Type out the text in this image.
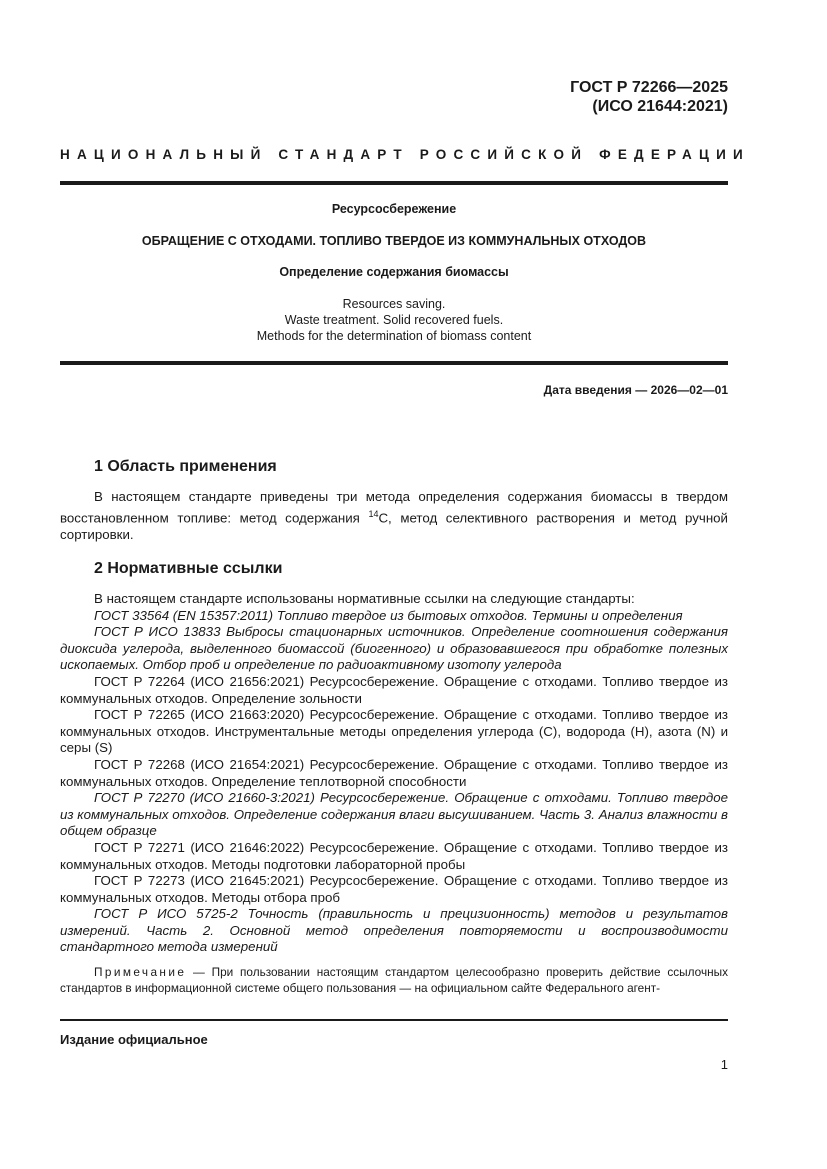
ГОСТ Р 72266—2025
(ИСО 21644:2021)
НАЦИОНАЛЬНЫЙ СТАНДАРТ РОССИЙСКОЙ ФЕДЕРАЦИИ
Ресурсосбережение
ОБРАЩЕНИЕ С ОТХОДАМИ. ТОПЛИВО ТВЕРДОЕ ИЗ КОММУНАЛЬНЫХ ОТХОДОВ
Определение содержания биомассы
Resources saving.
Waste treatment. Solid recovered fuels.
Methods for the determination of biomass content
Дата введения — 2026—02—01
1 Область применения

В настоящем стандарте приведены три метода определения содержания биомассы в твердом восстановленном топливе: метод содержания $^{14}$С, метод селективного растворения и метод ручной сортировки.

2 Нормативные ссылки

В настоящем стандарте использованы нормативные ссылки на следующие стандарты:

ГОСТ 33564 (EN 15357:2011) Топливо твердое из бытовых отходов. Термины и определения

ГОСТ Р ИСО 13833 Выбросы стационарных источников. Определение соотношения содержания диоксида углерода, выделенного биомассой (биогенного) и образовавшегося при обработке полезных ископаемых. Отбор проб и определение по радиоактивному изотопу углерода

ГОСТ Р 72264 (ИСО 21656:2021) Ресурсосбережение. Обращение с отходами. Топливо твердое из коммунальных отходов. Определение зольности

ГОСТ Р 72265 (ИСО 21663:2020) Ресурсосбережение. Обращение с отходами. Топливо твердое из коммунальных отходов. Инструментальные методы определения углерода (С), водорода (Н), азота (N) и серы (S)

ГОСТ Р 72268 (ИСО 21654:2021) Ресурсосбережение. Обращение с отходами. Топливо твердое из коммунальных отходов. Определение теплотворной способности

ГОСТ Р 72270 (ИСО 21660-3:2021) Ресурсосбережение. Обращение с отходами. Топливо твердое из коммунальных отходов. Определение содержания влаги высушиванием. Часть 3. Анализ влажности в общем образце

ГОСТ Р 72271 (ИСО 21646:2022) Ресурсосбережение. Обращение с отходами. Топливо твердое из коммунальных отходов. Методы подготовки лабораторной пробы

ГОСТ Р 72273 (ИСО 21645:2021) Ресурсосбережение. Обращение с отходами. Топливо твердое из коммунальных отходов. Методы отбора проб

ГОСТ Р ИСО 5725-2 Точность (правильность и прецизионность) методов и результатов измерений. Часть 2. Основной метод определения повторяемости и воспроизводимости стандартного метода измерений

Примечание — При пользовании настоящим стандартом целесообразно проверить действие ссылочных стандартов в информационной системе общего пользования — на официальном сайте Федерального агент-

Издание официальное
1
